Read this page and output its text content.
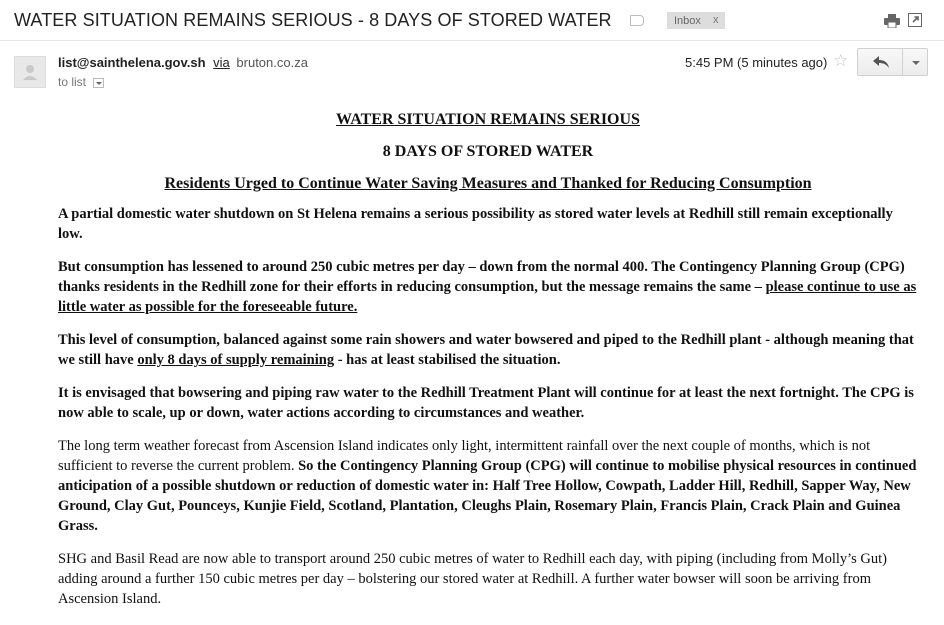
WATER SITUATION REMAINS SERIOUS - 8 DAYS OF STORED WATER	Inbox x
list@sainthelena.gov.sh via bruton.co.za
to list
5:45 PM (5 minutes ago) ☆

WATER SITUATION REMAINS SERIOUS

8 DAYS OF STORED WATER

Residents Urged to Continue Water Saving Measures and Thanked for Reducing Consumption

A partial domestic water shutdown on St Helena remains a serious possibility as stored water levels at Redhill still remain exceptionally low.

But consumption has lessened to around 250 cubic metres per day – down from the normal 400. The Contingency Planning Group (CPG) thanks residents in the Redhill zone for their efforts in reducing consumption, but the message remains the same – please continue to use as little water as possible for the foreseeable future.

This level of consumption, balanced against some rain showers and water bowsered and piped to the Redhill plant - although meaning that we still have only 8 days of supply remaining - has at least stabilised the situation.

It is envisaged that bowsering and piping raw water to the Redhill Treatment Plant will continue for at least the next fortnight. The CPG is now able to scale, up or down, water actions according to circumstances and weather.

The long term weather forecast from Ascension Island indicates only light, intermittent rainfall over the next couple of months, which is not sufficient to reverse the current problem. So the Contingency Planning Group (CPG) will continue to mobilise physical resources in continued anticipation of a possible shutdown or reduction of domestic water in: Half Tree Hollow, Cowpath, Ladder Hill, Redhill, Sapper Way, New Ground, Clay Gut, Pounceys, Kunjie Field, Scotland, Plantation, Cleughs Plain, Rosemary Plain, Francis Plain, Crack Plain and Guinea Grass.

SHG and Basil Read are now able to transport around 250 cubic metres of water to Redhill each day, with piping (including from Molly’s Gut) adding around a further 150 cubic metres per day – bolstering our stored water at Redhill. A further water bowser will soon be arriving from Ascension Island.
